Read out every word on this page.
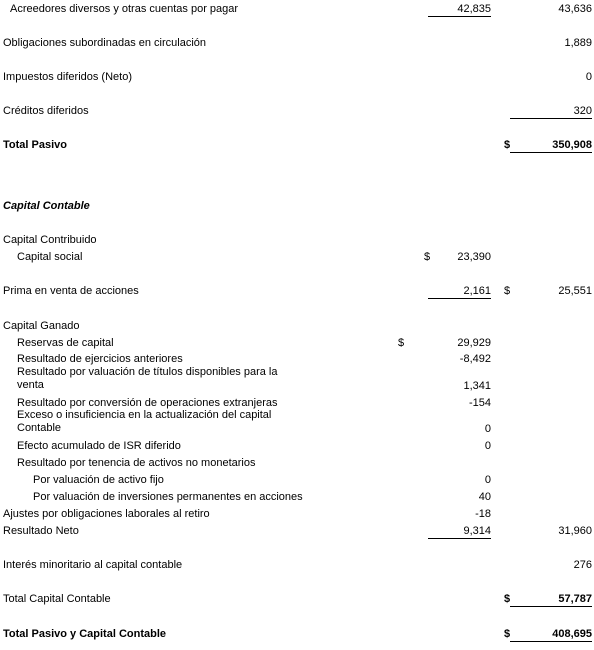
Acreedores diversos y otras cuentas por pagar	42,835	43,636
Obligaciones subordinadas en circulación	1,889
Impuestos diferidos (Neto)	0
Créditos diferidos	320
Total Pasivo	$	350,908
Capital Contable
Capital Contribuido
Capital social	$	23,390
Prima en venta de acciones	2,161 $	25,551
Capital Ganado
Reservas de capital	$	29,929
Resultado de ejercicios anteriores	-8,492
Resultado por valuación de títulos disponibles para la
venta	1,341
Resultado por conversión de operaciones extranjeras	-154
Exceso o insuficiencia en la actualización del capital
Contable	0
Efecto acumulado de ISR diferido	0
Resultado por tenencia de activos no monetarios
Por valuación de activo fijo	0
Por valuación de inversiones permanentes en acciones	40
Ajustes por obligaciones laborales al retiro	-18
Resultado Neto	9,314	31,960
Interés minoritario al capital contable	276
Total Capital Contable	$	57,787
Total Pasivo y Capital Contable	$	408,695
